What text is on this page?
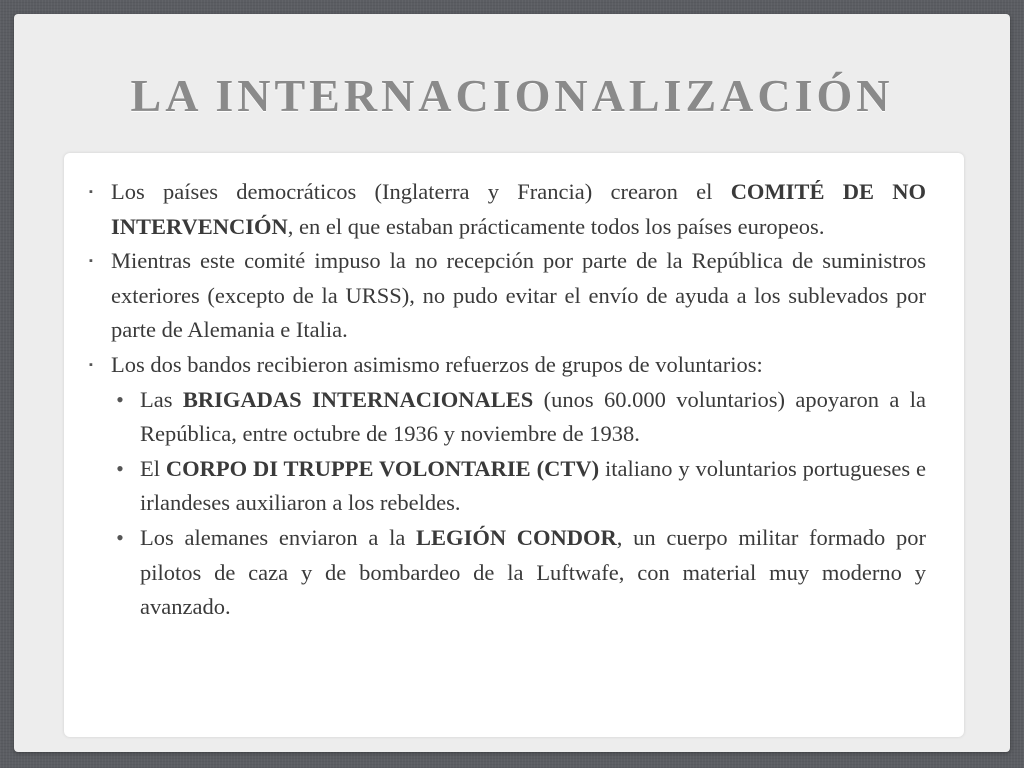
LA INTERNACIONALIZACIÓN
▪ Los países democráticos (Inglaterra y Francia) crearon el COMITÉ DE NO INTERVENCIÓN, en el que estaban prácticamente todos los países europeos.
▪ Mientras este comité impuso la no recepción por parte de la República de suministros exteriores (excepto de la URSS), no pudo evitar el envío de ayuda a los sublevados por parte de Alemania e Italia.
▪ Los dos bandos recibieron asimismo refuerzos de grupos de voluntarios:
• Las BRIGADAS INTERNACIONALES (unos 60.000 voluntarios) apoyaron a la República, entre octubre de 1936 y noviembre de 1938.
• El CORPO DI TRUPPE VOLONTARIE (CTV) italiano y voluntarios portugueses e irlandeses auxiliaron a los rebeldes.
• Los alemanes enviaron a la LEGIÓN CONDOR, un cuerpo militar formado por pilotos de caza y de bombardeo de la Luftwafe, con material muy moderno y avanzado.
